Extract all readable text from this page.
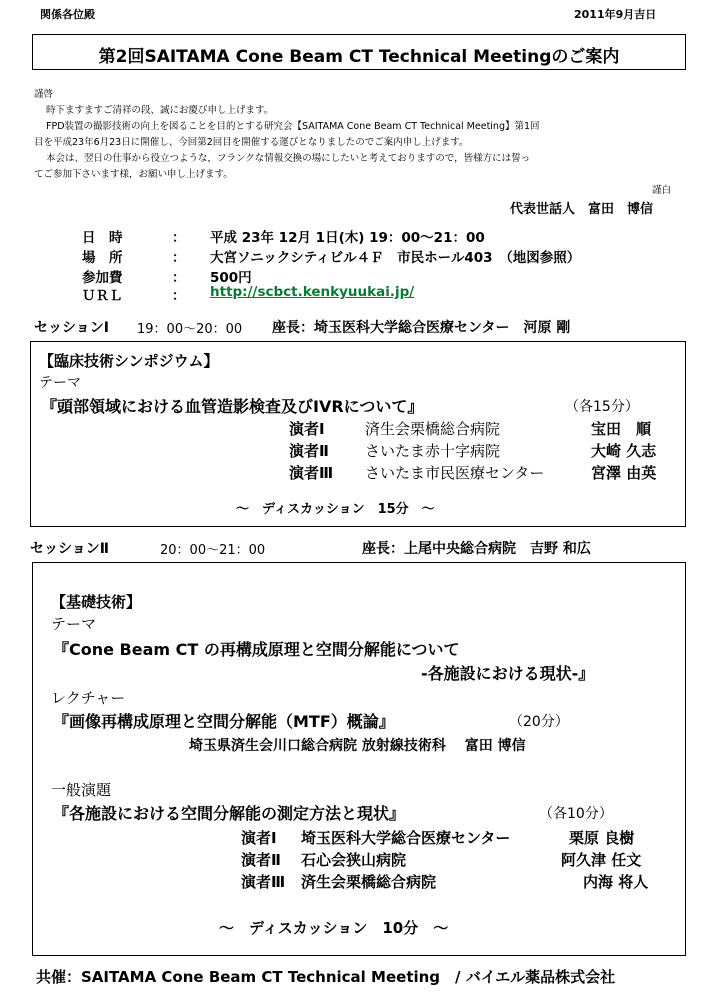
関係各位殿	2011年9月吉日
第2回SAITAMA Cone Beam CT Technical Meetingのご案内
謹啓
時下ますますご清祥の段、誠にお慶び申し上げます。
FPD装置の撮影技術の向上を図ることを目的とする研究会【SAITAMA Cone Beam CT Technical Meeting】第1回
目を平成23年6月23日に開催し、今回第2回目を開催する運びとなりましたのでご案内申し上げます。
本会は、翌日の仕事から役立つような，フランクな情報交換の場にしたいと考えておりますので，皆様方には誓っ
てご参加下さいます様，お願い申し上げます。
謹白
代表世話人　富田　博信
日　時	： 平成 23年 12月 1日(木) 19：00～21：00
場　所	： 大宮ソニックシティビル４Ｆ　市民ホール403　（地図参照）
参加費	： 500円
ＵＲＬ	： http://scbct.kenkyuukai.jp/
セッションⅠ 19：00～20：00 座長：埼玉医科大学総合医療センター　河原 剛
【臨床技術シンポジウム】
テーマ
『頭部領域における血管造影検査及びIVRについて』	（各15分）
演者Ⅰ	済生会栗橋総合病院	宝田　順
演者Ⅱ さいたま赤十字病院	大崎 久志
演者Ⅲ さいたま市民医療センター	宮澤 由英
～　ディスカッション　15分　～
セッションⅡ	20：00～21：00	座長：上尾中央総合病院　吉野 和広
【基礎技術】
テーマ
『Cone Beam CT の再構成原理と空間分解能について
-各施設における現状-』
レクチャー
『画像再構成原理と空間分解能（MTF）概論』	（20分）
埼玉県済生会川口総合病院 放射線技術科　 富田 博信
一般演題
『各施設における空間分解能の測定方法と現状』	（各10分）
演者Ⅰ 埼玉医科大学総合医療センター	栗原 良樹
演者Ⅱ 石心会狭山病院	阿久津 任文
演者Ⅲ 済生会栗橋総合病院	内海 将人
～　ディスカッション　10分　～
共催：SAITAMA Cone Beam CT Technical Meeting　/ バイエル薬品株式会社
